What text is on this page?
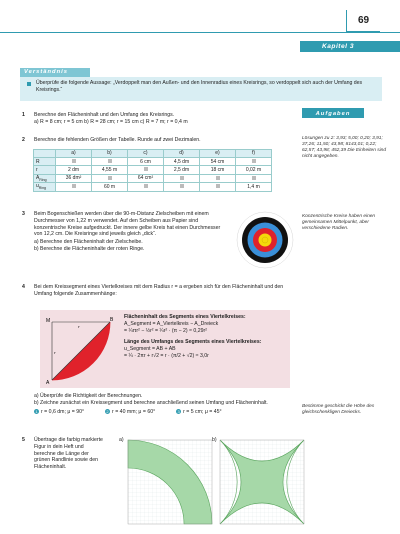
69
Kapitel 3
Verständnis
Überprüfe die folgende Aussage: „Verdoppelt man den Außen- und den Innenradius eines Kreisrings, so verdoppelt sich auch der Umfang des Kreisrings.“
Aufgaben
1 Berechne den Flächeninhalt und den Umfang des Kreisrings.
a) R = 8 cm; r = 5 cm b) R = 28 cm; r = 15 cm c) R = 7 m; r = 0,4 m
2 Berechne die fehlenden Größen der Tabelle. Runde auf zwei Dezimalen.
	a)	b)	c)	d)	e)	f)
R			6 cm	4,5 dm	54 cm	
r	2 dm	4,55 m		2,5 dm	18 cm	0,02 m
$A_{Ring}$	36 dm²		64 cm²			
$u_{Ring}$		60 m				1,4 m
Lösungen zu 2: 3,93; 5,00; 0,20; 3,91; 37,26; 11,50; 43,98; 8143,01; 0,22; 62,57; 43,98; 452,39 Die Einheiten sind nicht angegeben.
3 Beim Bogenschießen werden über die 90-m-Distanz Zielscheiben mit einem Durchmesser von 1,22 m verwendet. Auf den Scheiben aus Papier sind konzentrische Kreise aufgedruckt. Der innere gelbe Kreis hat einen Durchmesser von 12,2 cm. Die Kreisringe sind jeweils gleich „dick“.
a) Berechne den Flächeninhalt der Zielscheibe.
b) Berechne die Flächeninhalte der roten Ringe.
Konzentrische Kreise haben einen gemeinsamen Mittelpunkt, aber verschiedene Radien.
4 Bei dem Kreissegment eines Viertelkreises mit dem Radius r = a ergeben sich für den Flächeninhalt und den Umfang folgende Zusammenhänge:
M	B
A
r
r
Flächeninhalt des Segments eines Viertelkreises:
A_Segment = A_Viertelkreis − A_Dreieck
= ¼πr² − ½r² = ¼r² · (π − 2) ≈ 0,29r²
Länge des Umfangs des Segments eines Viertelkreises:
u_Segment = AB + AB
= ¼ · 2πr + r√2 = r · (π/2 + √2) ≈ 3,0r
a) Überprüfe die Richtigkeit der Berechnungen.
b) Zeichne zunächst ein Kreissegment und berechne anschließend seinen Umfang und Flächeninhalt.
1 r = 0,6 dm; μ = 90°	2 r = 40 mm; μ = 60°	3 r = 5 cm; μ = 45°
Bestimme geschickt die Höhe des gleichschenkligen Dreiecks.
5 Übertrage die farbig markierte Figur in dein Heft und berechne die Länge der grünen Randlinie sowie den Flächeninhalt.
a)	b)
